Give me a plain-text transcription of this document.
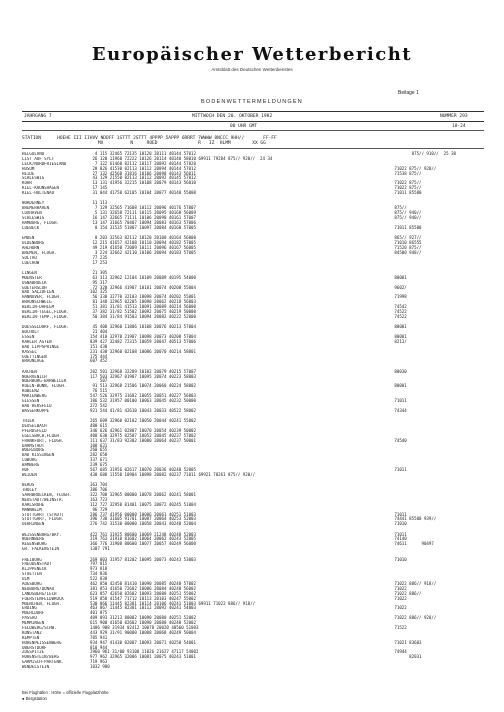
Europäischer Wetterbericht
Amtsblatt des Deutschen Wetterdienstes
Beilage 1
BODENWETTERMELDUNGEN
JAHRGANG 7	MITTWOCH DEN 20. OKTOBER 1982	NUMMER 293
00 UHR GMT	18-24
STATION      HOEHE III IIHVV NDDFF 1STTT 2STTT 4PPPP 5APPP 6RRRT 7WWWW 8NCCC 9HH//       FF-FF
MX          N     ROED               R   IZ  HLMM        XX GG
HELGOLAND	4 115 32465 72135 10120 20111 40144 57012	875// 910//  25 38
LIST AUF SYLT	26 120 11960 72222 10126 20114 40140 58010 69911 79284 875// 920//  24 34
LECK/NORDFRIESLAND	7 122 61460 82112 10117 20092 40144 57020
HUSUM	28 026 41530 82113 10112 20094 40144 57012	71022 875// 920//
HEIDE	27 132 42560 31816 10106 20098 40143 56011	71538 875//
SCHLESWIG	43 129 21550 82113 10112 20092 40145 57012
KOHR	13 131 41956 32215 10108 20079 40143 56010	71022 875//
KIEL-KRONSHAGEN	17 145	71022 875//
KIEL-HOLTENAU	31 044 41750 62105 10104 20077 40148 55008	71011 85580
NORDERNEY	11 113
BREMERHAVEN	7 129 32565 71608 10112 20096 40176 57007	875//
CUXHAVEN	5 131 32658 72111 10115 20095 40168 56009	875// 940//
SCHLESWIG	16 147 32665 71111 10106 20098 40161 57007	875// 940//
HAMBURG, FLUGH.	13 147 31665 70407 10094 20083 40163 57006
LUEBECK	8 154 31535 51807 10097 20084 40168 57005	71011 85580
EMDEN	8 203 32563 82112 10120 20100 40164 56008	865// 927//
OLDENBURG	12 215 41657 42108 10110 20094 40182 57005	71010 86555
AHLHORN	49 219 41650 72009 10111 20096 40167 56005	71520 875//
BREMEN, FLUGH.	3 224 32662 42110 10106 20094 40183 57005	84500 948//
SOLTAU	77 235
LUECHOW	17 253
LINGEN	21 305
MUENSTER	63 313 32962 12104 10109 20089 40195 54000	80001
OSNABRUECK	95 317
GUETERSLOH	72 320 32966 41907 10101 20074 40208 55004	9602/
BAD SALZUFLEN	102 325
HANNOVER, FLUGH.	56 338 32770 32103 10098 20074 40202 55001	71998
BRAUNSCHWEIG	81 348 32965 02205 10090 20062 40218 56003
BERLIN-DAHLEM	51 381 31/81 41513 10091 20089 40214 56000	74542
BERLIN-TEGEL,FLUGH.	37 382 31/82 51502 10092 20075 40219 50000	74522
BERLIN-TEMP.,FLUGH.	50 384 31/84 91503 10094 20082 40222 52000	74522
DUESSELDORF, FLUGH.	45 400 32960 11806 10108 20076 40213 57004	80001
BOCHOLT	21 404
ESSEN	154 410 32970 21907 10098 20073 40208 57004	80001
KAHLER ASTEN	839 427 32482 72315 10059 20047 40513 57006	8213/
BAD LIPPSPRINGE	151 430
KASSEL	231 438 32960 02108 10086 20070 40214 58001
GOETTINGEN	175 444
BRAUNLAGE	607 452
AACHEN	202 501 32968 32209 10102 20079 40215 57007	80030
NOERVENICH	117 503 32967 01907 10095 20074 40223 58003
NUERBURG-BARWEILER	507
KOELN-BONN, FLUGH.	91 513 32968 21506 10074 20060 40224 58002	80001
KOBLENZ	76 515
MARIENBERG	547 526 32975 31602 10055 20051 40227 56003
GIESSEN	186 532 31957 00100 10063 20045 40232 50000	71011
BAD HERSFELD	272 542
WASSERKUPPE	921 544 41/81 42610 10043 20033 40522 58002	74344
TRIER	265 609 32960 02102 10050 20044 40241 55002
DEUSELBACH	480 615
PFERDSFELD	346 626 42961 02807 10070 20054 40239 50002
EGELSBACH,FLUGH.	408 630 32975 02507 10052 20045 40237 57002
FRANKFURT, FLUGH.	111 637 31/83 92302 10080 20064 40237 50001	74540
DARMSTADT	108 631
WUERZBURG	268 655
BAD KISSINGEN	282 658
COBURG	337 671
BAMBERG	239 675
HOF	567 685 31956 02617 10070 20036 40240 52005	71011
WEIDEN	438 688 11550 10904 10098 20082 40237 71011 69921 70261 875// 920//
BERUS	363 704
THOLEY	386 706
SAARBRUECKEN, FLUGH.	322 708 32965 00000 10078 20062 40241 58001
NEUSTADT/WEINSTR.	163 723
KARLSRUHE	112 727 32950 01401 10075 20072 40245 51004
MANNHEIM	96 729
STUTTGART (STADT)	286 737 41956 00000 10086 20061 40251 51003	71011
STUTTGART, FLUGH.	396 738 31605 91701 10087 20064 40253 52003	74441 85500 939//
OEHRINGEN	276 742 31530 00000 10058 20043 40248 52004	71010
WEISSENBURG/BAY.	422 761 31925 80600 10069 21248 40248 52003	71011
NUERNBERG	319 763 31910 81602 10064 20062 40243 52005	74140
REGENSBURG	366 776 31908 80600 10077 20057 40249 56000	74611      90497
GR. FALKENSTEIN	1307 791
FREIBURG	269 803 31957 81202 10095 20073 40243 53003	71010
FREUDENSTADT	797 815
KLIPPENECK	973 818
STOETTEN	734 836
ULM	522 838
AUGSBURG	462 850 42450 81410 10090 20085 40248 57002	71022 886// 918//
NEUBURG/DONAU	381 853 41650 72602 10086 20084 40248 56002	71022
LANDSBERG/LECH	623 857 42650 82602 10093 20088 40251 55002	71022 886//
FUERSTENFELDBRUCK	519 858 41547 71712 10113 20103 40247 55002	71022
MUENCHEN, FLUGH.	530 866 11445 82301 10114 20106 40241 51003 69911 71022 886// 918//
ERDING	463 867 11445 82301 10112 20092 40241 54003	71022
MUEHLDORF	401 875
PASSAU	409 893 31213 80002 10090 20080 40251 52002	71022 886// 920//
MEMMINGEN	615 900 41650 82602 10090 20088 40248 52002
FELDBERG/SCHW.	1486 908 31934 02412 10078 20020 40560 51003	71522
KONSTANZ	443 929 31/91 90000 10088 20068 40249 50004
KEMPTEN	705 941
HOHENPEISSENBERG	934 947 41430 02007 10093 20071 40250 54001	71021 83603
OBERSTDORF	810 944
ZUGSPITZE	2960 961 31/00 93108 11026 21627 47117 54002	74944
HOHENSTEIN/BERG	977 962 32965 32006 10081 20075 40243 51001	82031
GARMISCH-PARTENK.	719 963
WENDELSTEIN	1832 980
Bei Flughäfen : Höhe = offizielle Flugplatzhöhe
● Bergstation
